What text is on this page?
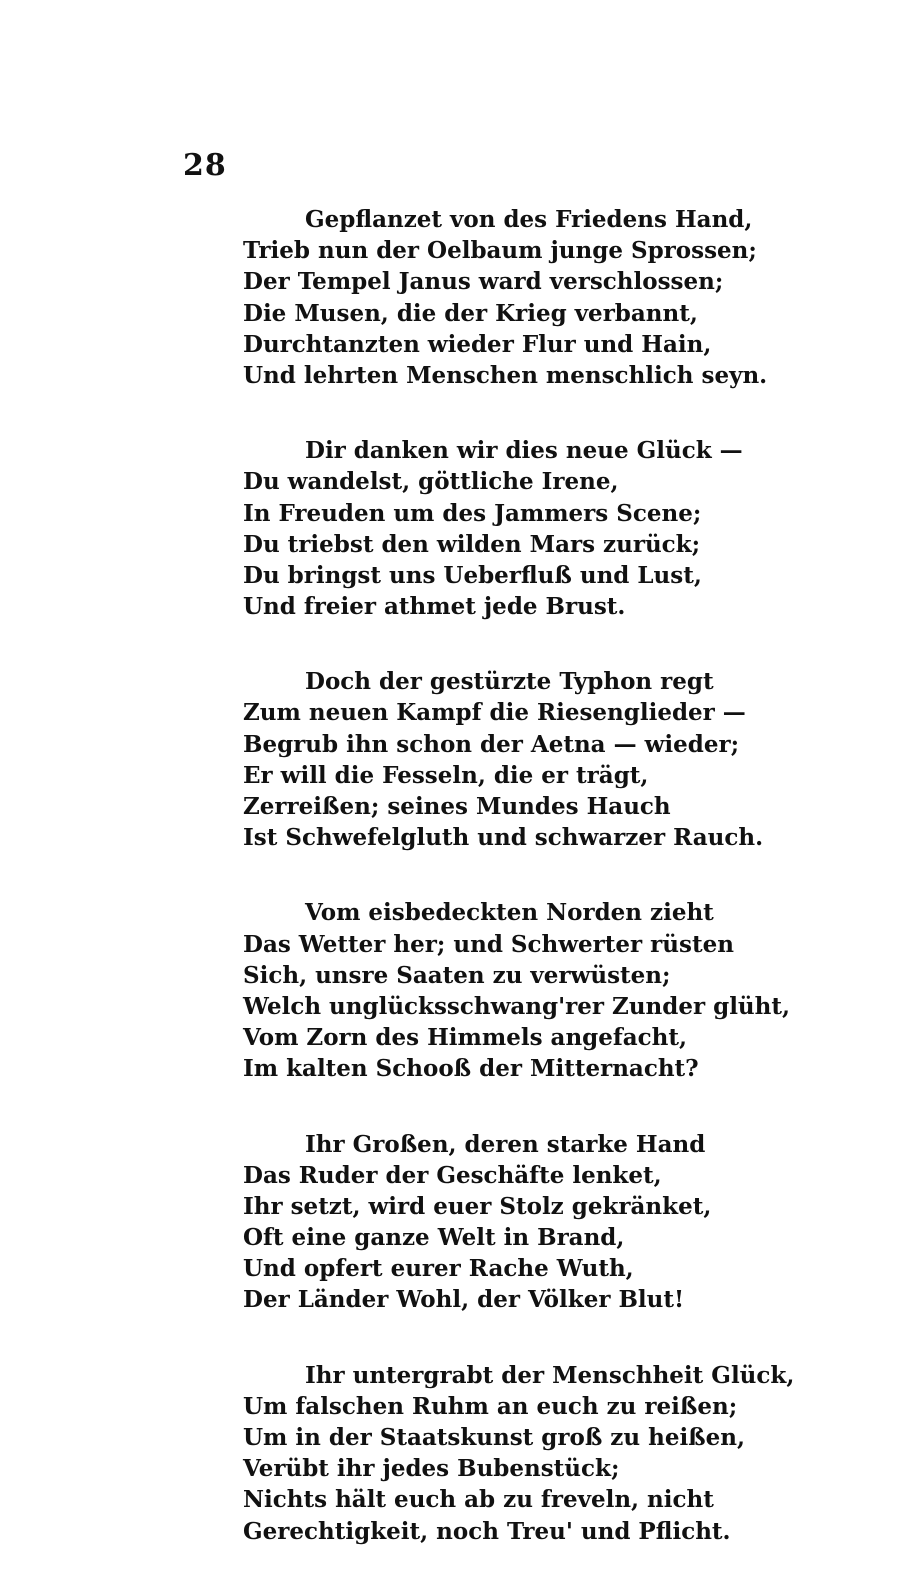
28
Gepflanzet von des Friedens Hand,
Trieb nun der Oelbaum junge Sprossen;
Der Tempel Janus ward verschlossen;
Die Musen, die der Krieg verbannt,
Durchtanzten wieder Flur und Hain,
Und lehrten Menschen menschlich seyn.
Dir danken wir dies neue Glück —
Du wandelst, göttliche Irene,
In Freuden um des Jammers Scene;
Du triebst den wilden Mars zurück;
Du bringst uns Ueberfluß und Lust,
Und freier athmet jede Brust.
Doch der gestürzte Typhon regt
Zum neuen Kampf die Riesenglieder —
Begrub ihn schon der Aetna — wieder;
Er will die Fesseln, die er trägt,
Zerreißen; seines Mundes Hauch
Ist Schwefelgluth und schwarzer Rauch.
Vom eisbedeckten Norden zieht
Das Wetter her; und Schwerter rüsten
Sich, unsre Saaten zu verwüsten;
Welch unglücksschwang'rer Zunder glüht,
Vom Zorn des Himmels angefacht,
Im kalten Schooß der Mitternacht?
Ihr Großen, deren starke Hand
Das Ruder der Geschäfte lenket,
Ihr setzt, wird euer Stolz gekränket,
Oft eine ganze Welt in Brand,
Und opfert eurer Rache Wuth,
Der Länder Wohl, der Völker Blut!
Ihr untergrabt der Menschheit Glück,
Um falschen Ruhm an euch zu reißen;
Um in der Staatskunst groß zu heißen,
Verübt ihr jedes Bubenstück;
Nichts hält euch ab zu freveln, nicht
Gerechtigkeit, noch Treu' und Pflicht.
